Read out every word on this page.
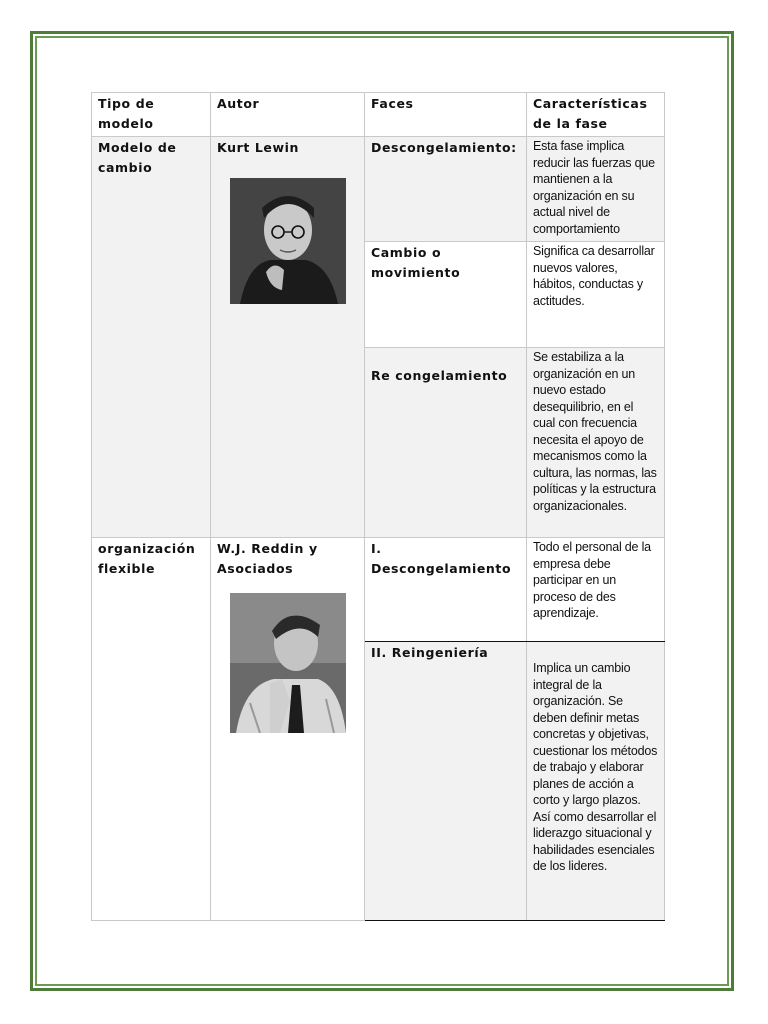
Tipo de modelo	Autor	Faces	Características de la fase
Modelo de cambio	Kurt Lewin	Descongelamiento:	Esta fase implica reducir las fuerzas que mantienen a la organización en su actual nivel de comportamiento

		Cambio o movimiento	Significa ca desarrollar nuevos valores, hábitos, conductas y actitudes.

		Re congelamiento	Se estabiliza a la organización en un nuevo estado desequilibrio, en el cual con frecuencia necesita el apoyo de mecanismos como la cultura, las normas, las políticas y la estructura organizacionales.
organización flexible	W.J. Reddin y Asociados	I. Descongelamiento	Todo el personal de la empresa debe participar en un proceso de des aprendizaje.

		II. Reingeniería	Implica un cambio integral de la organización. Se deben definir metas concretas y objetivas, cuestionar los métodos de trabajo y elaborar planes de acción a corto y largo plazos. Así como desarrollar el liderazgo situacional y habilidades esenciales de los lideres.
